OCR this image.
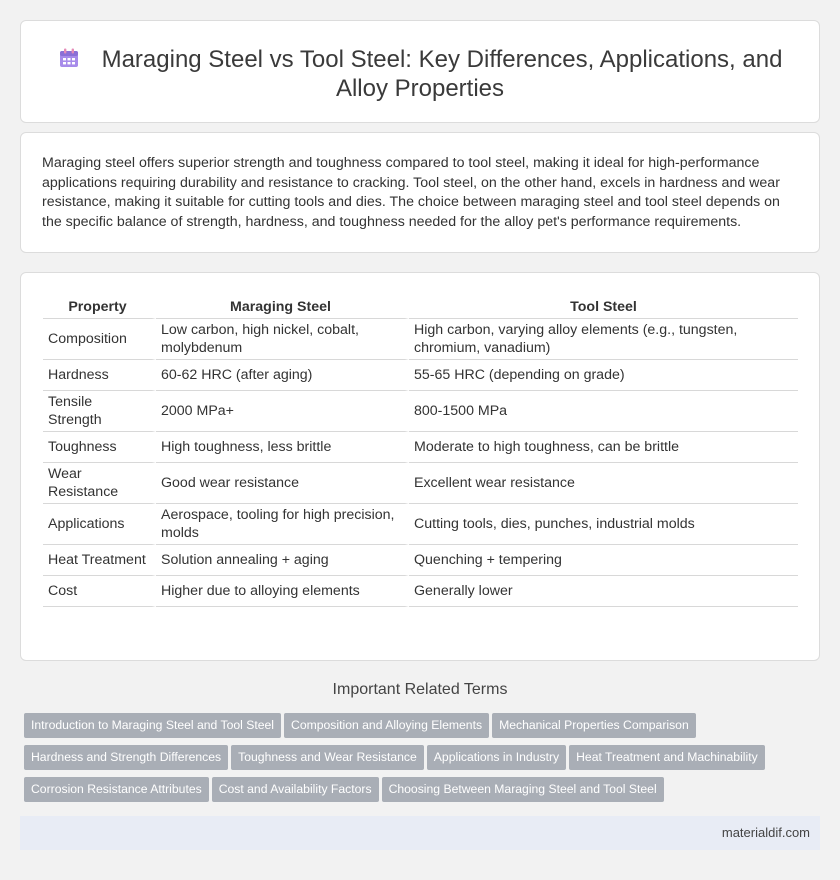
Maraging Steel vs Tool Steel: Key Differences, Applications, and
Alloy Properties

Maraging steel offers superior strength and toughness compared to tool steel, making it ideal for high-performance applications requiring durability and resistance to cracking. Tool steel, on the other hand, excels in hardness and wear resistance, making it suitable for cutting tools and dies. The choice between maraging steel and tool steel depends on the specific balance of strength, hardness, and toughness needed for the alloy pet's performance requirements.

Property	Maraging Steel	Tool Steel
Composition	Low carbon, high nickel, cobalt, molybdenum	High carbon, varying alloy elements (e.g., tungsten, chromium, vanadium)
Hardness	60-62 HRC (after aging)	55-65 HRC (depending on grade)
Tensile Strength	2000 MPa+	800-1500 MPa
Toughness	High toughness, less brittle	Moderate to high toughness, can be brittle
Wear Resistance	Good wear resistance	Excellent wear resistance
Applications	Aerospace, tooling for high precision, molds	Cutting tools, dies, punches, industrial molds
Heat Treatment	Solution annealing + aging	Quenching + tempering
Cost	Higher due to alloying elements	Generally lower
Important Related Terms
Introduction to Maraging Steel and Tool Steel Composition and Alloying Elements Mechanical Properties Comparison
Hardness and Strength Differences Toughness and Wear Resistance Applications in Industry Heat Treatment and Machinability
Corrosion Resistance Attributes Cost and Availability Factors Choosing Between Maraging Steel and Tool Steel
materialdif.com
